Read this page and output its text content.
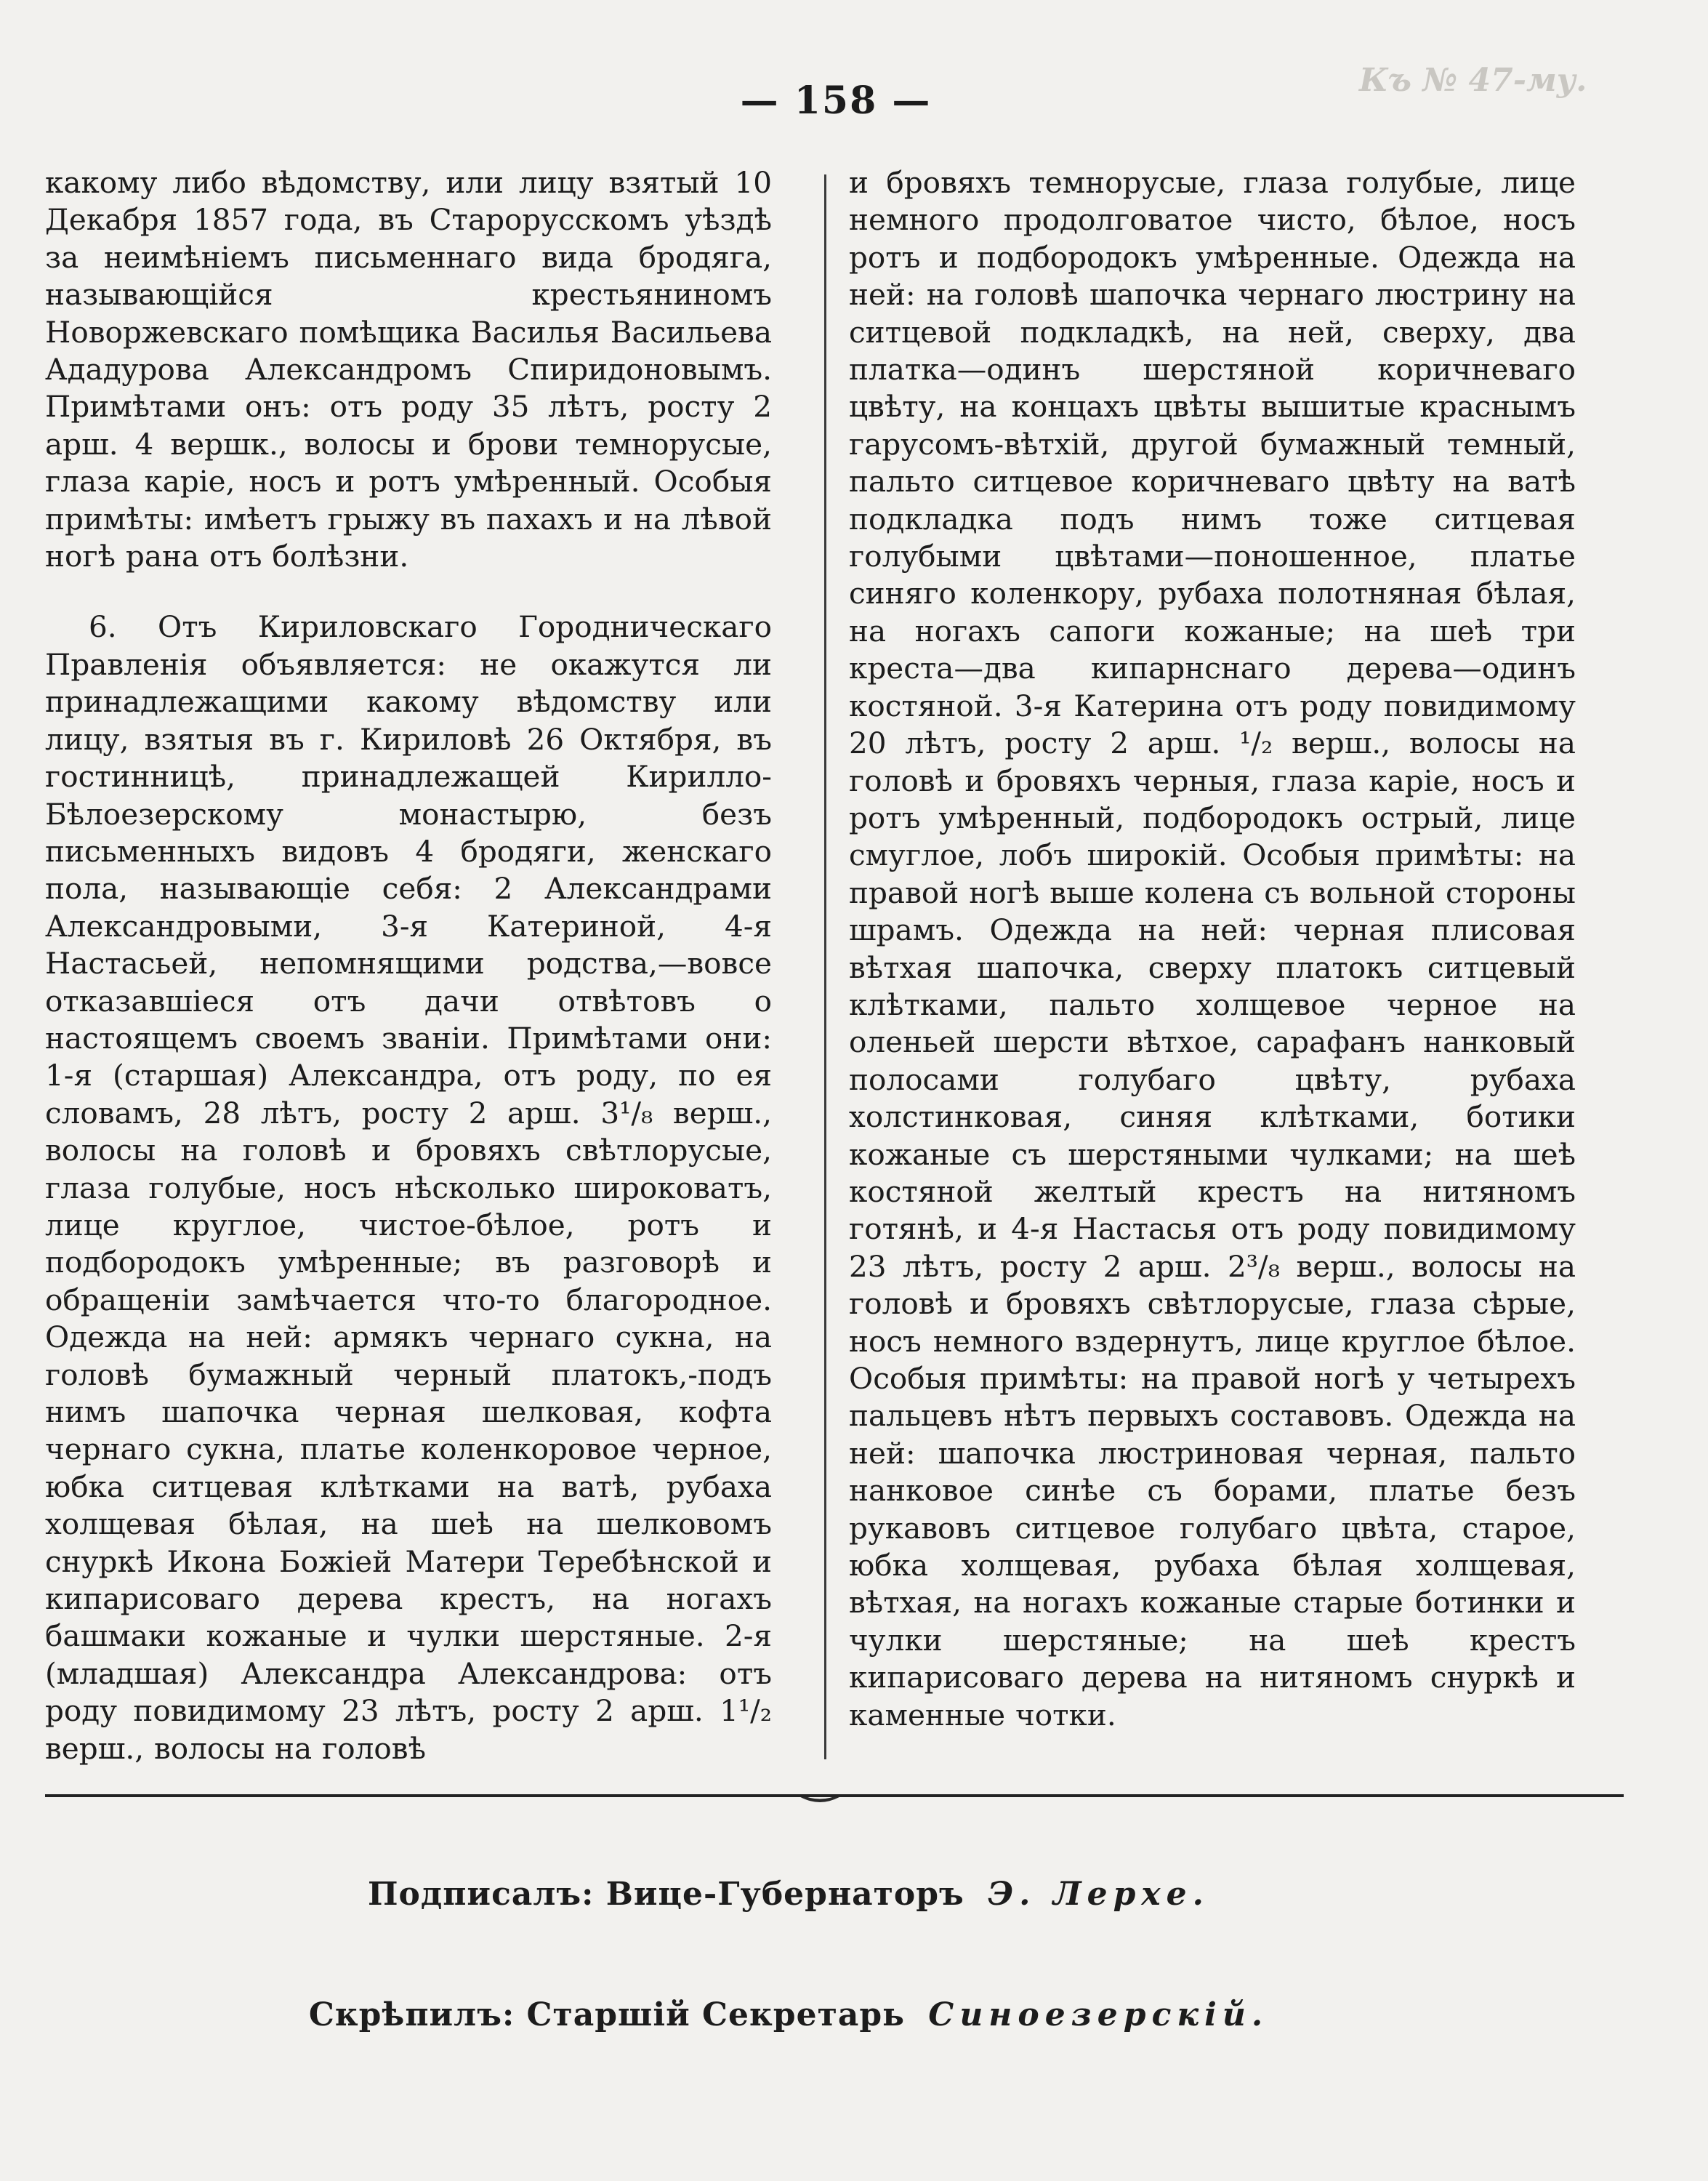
Къ № 47-му.
— 158 —

какому либо вѣдомству, или лицу взятый 10 Декабря 1857 года, въ Старорусскомъ уѣздѣ за неимѣніемъ письменнаго вида бродяга, называющійся крестьяниномъ Новоржевскаго помѣщика Василья Васильева Ададурова Александромъ Спиридоновымъ. Примѣтами онъ: отъ роду 35 лѣтъ, росту 2 арш. 4 вершк., волосы и брови темнорусые, глаза каріе, носъ и ротъ умѣренный. Особыя примѣты: имѣетъ грыжу въ пахахъ и на лѣвой ногѣ рана отъ болѣзни.

6. Отъ Кириловскаго Городническаго Правленія объявляется: не окажутся ли принадлежащими какому вѣдомству или лицу, взятыя въ г. Кириловѣ 26 Октября, въ гостинницѣ, принадлежащей Кирилло-Бѣлоезерскому монастырю, безъ письменныхъ видовъ 4 бродяги, женскаго пола, называющіе себя: 2 Александрами Александровыми, 3-я Катериной, 4-я Настасьей, непомнящими родства,—вовсе отказавшіеся отъ дачи отвѣтовъ о настоящемъ своемъ званіи. Примѣтами они: 1-я (старшая) Александра, отъ роду, по ея словамъ, 28 лѣтъ, росту 2 арш. 3¹/₈ верш., волосы на головѣ и бровяхъ свѣтлорусые, глаза голубые, носъ нѣсколько широковатъ, лице круглое, чистое-бѣлое, ротъ и подбородокъ умѣренные; въ разговорѣ и обращеніи замѣчается что-то благородное. Одежда на ней: армякъ чернаго сукна, на головѣ бумажный черный платокъ,-подъ нимъ шапочка черная шелковая, кофта чернаго сукна, платье коленкоровое черное, юбка ситцевая клѣтками на ватѣ, рубаха холщевая бѣлая, на шеѣ на шелковомъ снуркѣ Икона Божіей Матери Теребѣнской и кипарисоваго дерева крестъ, на ногахъ башмаки кожаные и чулки шерстяные. 2-я (младшая) Александра Александрова: отъ роду повидимому 23 лѣтъ, росту 2 арш. 1¹/₂ верш., волосы на головѣ

‿

и бровяхъ темнорусые, глаза голубые, лице немного продолговатое чисто, бѣлое, носъ ротъ и подбородокъ умѣренные. Одежда на ней: на головѣ шапочка чернаго люстрину на ситцевой подкладкѣ, на ней, сверху, два платка—одинъ шерстяной коричневаго цвѣту, на концахъ цвѣты вышитые краснымъ гарусомъ-вѣтхій, другой бумажный темный, пальто ситцевое коричневаго цвѣту на ватѣ подкладка подъ нимъ тоже ситцевая голубыми цвѣтами—поношенное, платье синяго коленкору, рубаха полотняная бѣлая, на ногахъ сапоги кожаные; на шеѣ три креста—два кипарнснаго дерева—одинъ костяной. 3-я Катерина отъ роду повидимому 20 лѣтъ, росту 2 арш. ¹/₂ верш., волосы на головѣ и бровяхъ черныя, глаза каріе, носъ и ротъ умѣренный, подбородокъ острый, лице смуглое, лобъ широкій. Особыя примѣты: на правой ногѣ выше колена съ вольной стороны шрамъ. Одежда на ней: черная плисовая вѣтхая шапочка, сверху платокъ ситцевый клѣтками, пальто холщевое черное на оленьей шерсти вѣтхое, сарафанъ нанковый полосами голубаго цвѣту, рубаха холстинковая, синяя клѣтками, ботики кожаные съ шерстяными чулками; на шеѣ костяной желтый крестъ на нитяномъ готянѣ, и 4-я Настасья отъ роду повидимому 23 лѣтъ, росту 2 арш. 2³/₈ верш., волосы на головѣ и бровяхъ свѣтлорусые, глаза сѣрые, носъ немного вздернутъ, лице круглое бѣлое. Особыя примѣты: на правой ногѣ у четырехъ пальцевъ нѣтъ первыхъ составовъ. Одежда на ней: шапочка люстриновая черная, пальто нанковое синѣе съ борами, платье безъ рукавовъ ситцевое голубаго цвѣта, старое, юбка холщевая, рубаха бѣлая холщевая, вѣтхая, на ногахъ кожаные старые ботинки и чулки шерстяные; на шеѣ крестъ кипарисоваго дерева на нитяномъ снуркѣ и каменные чотки.

Подписалъ: Вице-Губернаторъ Э. Лерхе.
Скрѣпилъ: Старшій Секретарь Синоезерскій.
